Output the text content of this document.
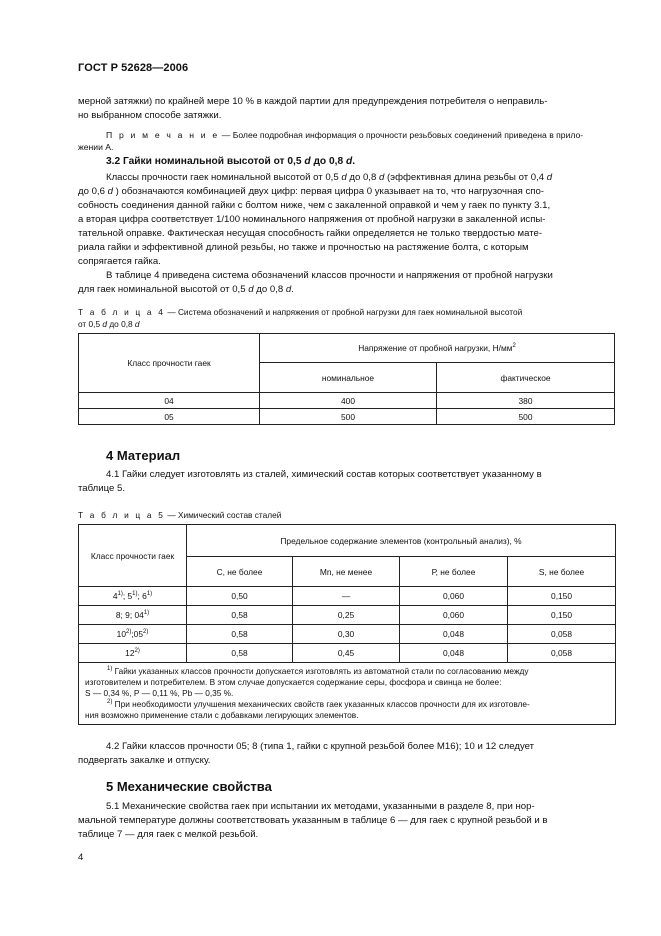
ГОСТ Р 52628—2006

мерной затяжки) по крайней мере 10 % в каждой партии для предупреждения потребителя о неправиль-

но выбранном способе затяжки.

П р и м е ч а н и е — Более подробная информация о прочности резьбовых соединений приведена в прило-

жении А.

3.2 Гайки номинальной высотой от 0,5 d до 0,8 d.

Классы прочности гаек номинальной высотой от 0,5 d до 0,8 d (эффективная длина резьбы от 0,4 d

до 0,6 d ) обозначаются комбинацией двух цифр: первая цифра 0 указывает на то, что нагрузочная спо-

собность соединения данной гайки с болтом ниже, чем с закаленной оправкой и чем у гаек по пункту 3.1,

а вторая цифра соответствует 1/100 номинального напряжения от пробной нагрузки в закаленной испы-

тательной оправке. Фактическая несущая способность гайки определяется не только твердостью мате-

риала гайки и эффективной длиной резьбы, но также и прочностью на растяжение болта, с которым

сопрягается гайка.

В таблице 4 приведена система обозначений классов прочности и напряжения от пробной нагрузки

для гаек номинальной высотой от 0,5 d до 0,8 d.

Т а б л и ц а 4 — Система обозначений и напряжения от пробной нагрузки для гаек номинальной высотой
от 0,5 d до 0,8 d
Класс прочности гаек	Напряжение от пробной нагрузки, $Н/мм^2$
	номинальное	фактическое
04	400	380
05	500	500
4 Материал

4.1 Гайки следует изготовлять из сталей, химический состав которых соответствует указанному в

таблице 5.

Т а б л и ц а 5 — Химический состав сталей
Класс прочности гаек	Предельное содержание элементов (контрольный анализ), %			
	С, не более	Мn, не менее	Р, не более	S, не более
4$^{1)}$; 5$^{1)}$; 6$^{1)}$	0,50	—	0,060	0,150
8; 9; 04$^{1)}$	0,58	0,25	0,060	0,150
10$^{2)}$;05$^{2)}$	0,58	0,30	0,048	0,058
12$^{2)}$	0,58	0,45	0,048	0,058

$^{1)}$ Гайки указанных классов прочности допускается изготовлять из автоматной стали по согласованию между
изготовителем и потребителем. В этом случае допускается содержание серы, фосфора и свинца не более:
S — 0,34 %, Р — 0,11 %, Рb — 0,35 %.
$^{2)}$ При необходимости улучшения механических свойств гаек указанных классов прочности для их изготовле-
ния возможно применение стали с добавками легирующих элементов.				

4.2 Гайки классов прочности 05; 8 (типа 1, гайки с крупной резьбой более М16); 10 и 12 следует

подвергать закалке и отпуску.

5 Механические свойства

5.1 Механические свойства гаек при испытании их методами, указанными в разделе 8, при нор-

мальной температуре должны соответствовать указанным в таблице 6 — для гаек с крупной резьбой и в

таблице 7 — для гаек с мелкой резьбой.

4
